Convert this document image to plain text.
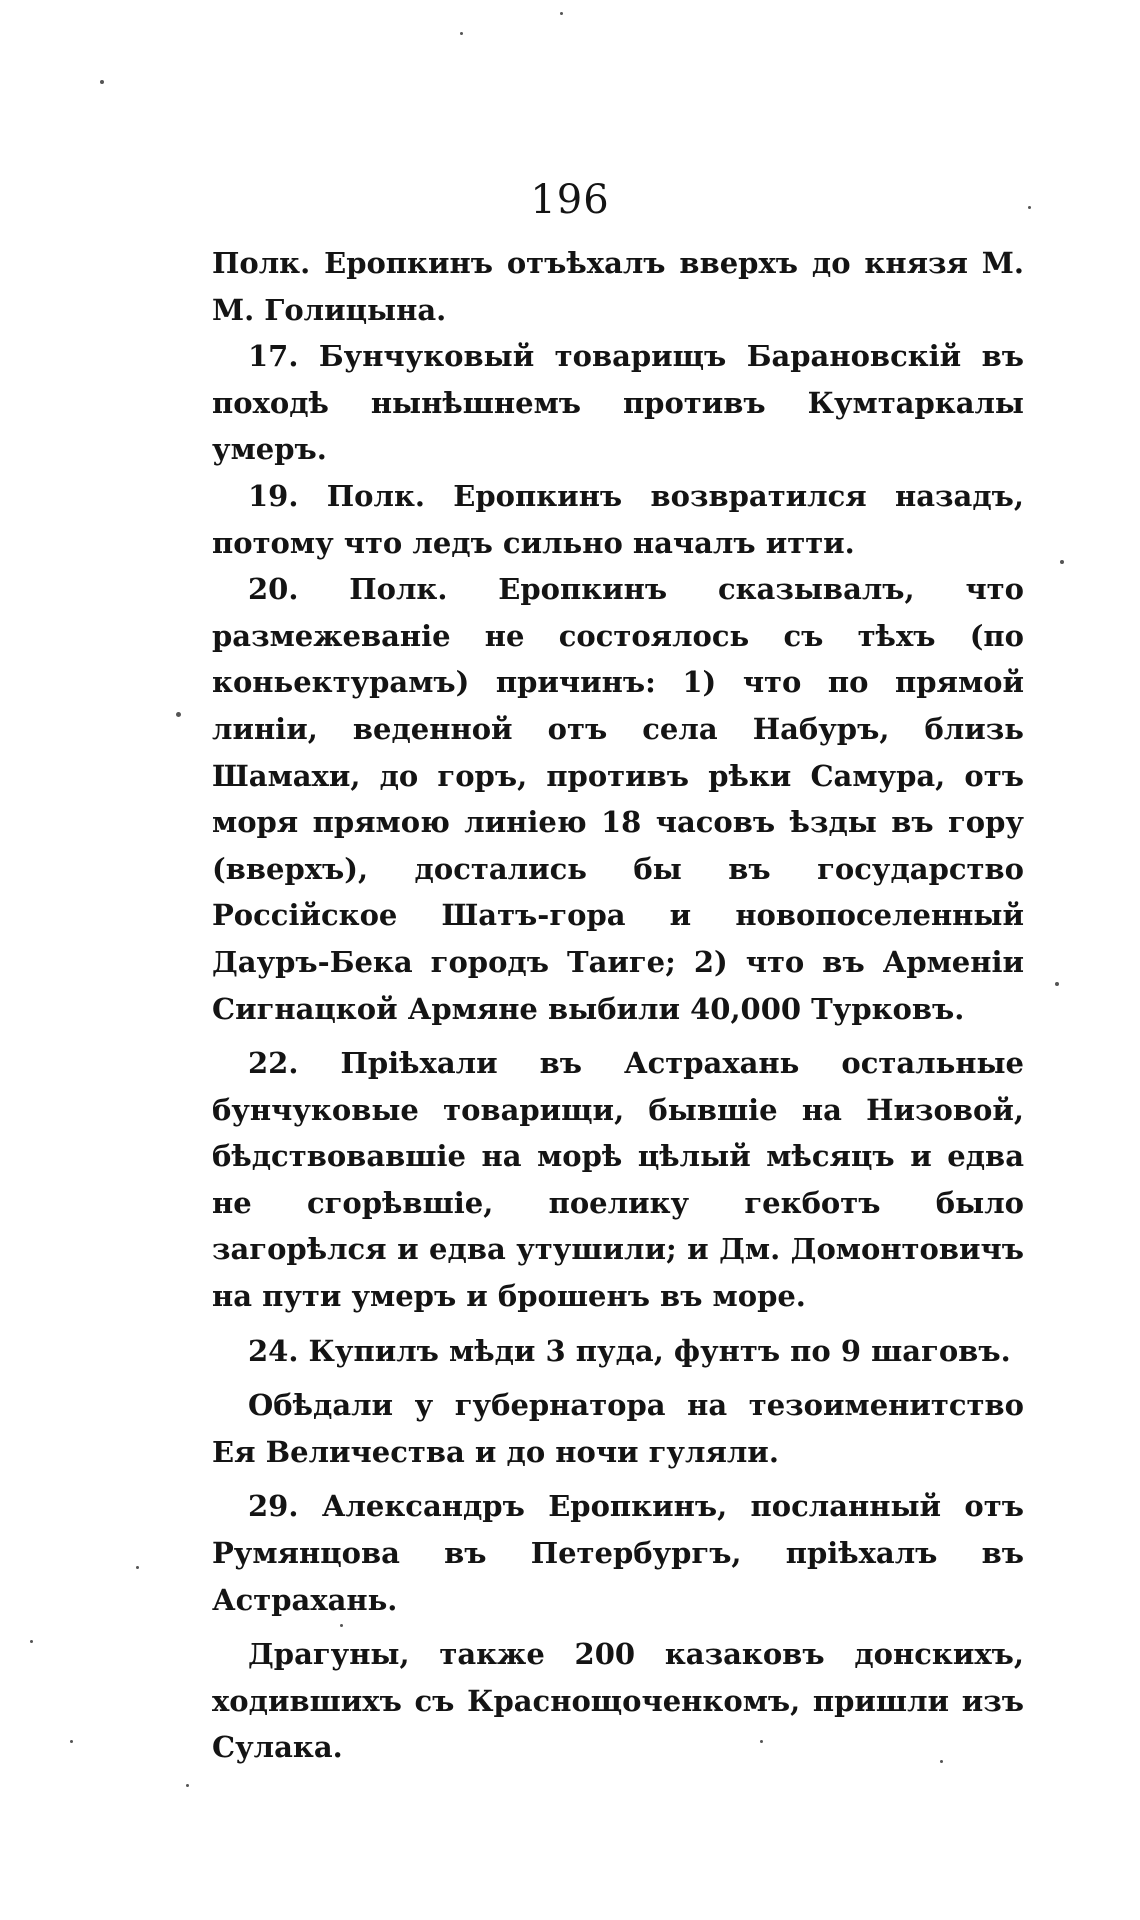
196

Полк. Еропкинъ отъѣхалъ вверхъ до князя М. М. Голицына.

17. Бунчуковый товарищъ Барановскій въ походѣ нынѣшнемъ противъ Кумтаркалы умеръ.

19. Полк. Еропкинъ возвратился назадъ, потому что ледъ сильно началъ итти.

20. Полк. Еропкинъ сказывалъ, что размежеваніе не состоялось съ тѣхъ (по коньектурамъ) причинъ: 1) что по прямой линіи, веденной отъ села Набуръ, близь Шамахи, до горъ, противъ рѣки Самура, отъ моря прямою линіею 18 часовъ ѣзды въ гору (вверхъ), достались бы въ государство Россійское Шатъ-гора и новопоселенный Дауръ-Бека городъ Таиге; 2) что въ Арменіи Сигнацкой Армяне выбили 40,000 Турковъ.

22. Пріѣхали въ Астрахань остальные бунчуковые товарищи, бывшіе на Низовой, бѣдствовавшіе на морѣ цѣлый мѣсяцъ и едва не сгорѣвшіе, поелику гекботъ было загорѣлся и едва утушили; и Дм. Домонтовичъ на пути умеръ и брошенъ въ море.

24. Купилъ мѣди 3 пуда, фунтъ по 9 шаговъ.

Обѣдали у губернатора на тезоименитство Ея Величества и до ночи гуляли.

29. Александръ Еропкинъ, посланный отъ Румянцова въ Петербургъ, пріѣхалъ въ Астрахань.

Драгуны, также 200 казаковъ донскихъ, ходившихъ съ Краснощоченкомъ, пришли изъ Сулака.
